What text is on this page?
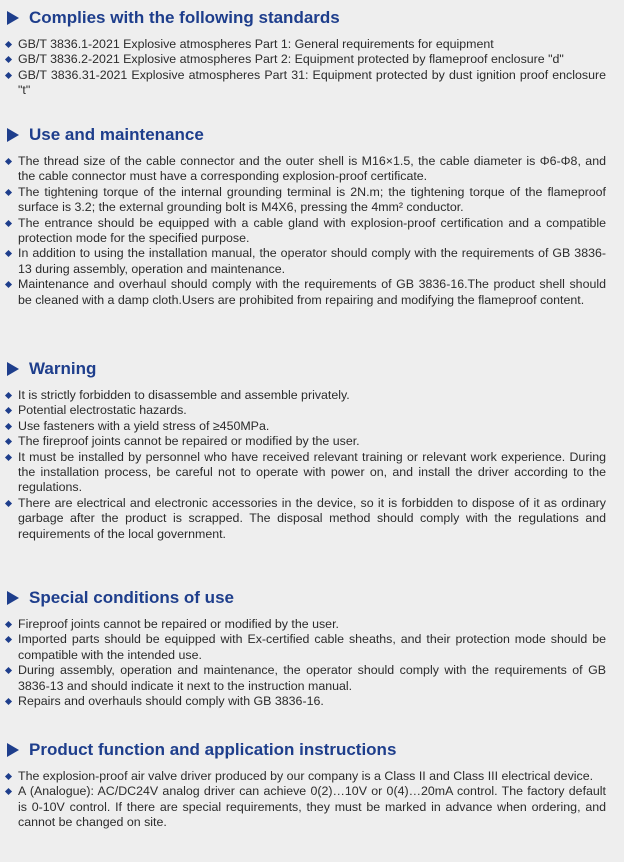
Complies with the following standards
GB/T 3836.1-2021 Explosive atmospheres Part 1: General requirements for equipment
GB/T 3836.2-2021 Explosive atmospheres Part 2: Equipment protected by flameproof enclosure "d"
GB/T 3836.31-2021 Explosive atmospheres Part 31: Equipment protected by dust ignition proof enclosure "t"
Use and maintenance
The thread size of the cable connector and the outer shell is M16×1.5, the cable diameter is Φ6-Φ8, and the cable connector must have a corresponding explosion-proof certificate.
The tightening torque of the internal grounding terminal is 2N.m; the tightening torque of the flameproof surface is 3.2; the external grounding bolt is M4X6, pressing the 4mm² conductor.
The entrance should be equipped with a cable gland with explosion-proof certification and a compatible protection mode for the specified purpose.
In addition to using the installation manual, the operator should comply with the requirements of GB 3836-13 during assembly, operation and maintenance.
Maintenance and overhaul should comply with the requirements of GB 3836-16.The product shell should be cleaned with a damp cloth.Users are prohibited from repairing and modifying the flameproof content.
Warning
It is strictly forbidden to disassemble and assemble privately.
Potential electrostatic hazards.
Use fasteners with a yield stress of ≥450MPa.
The fireproof joints cannot be repaired or modified by the user.
It must be installed by personnel who have received relevant training or relevant work experience. During the installation process, be careful not to operate with power on, and install the driver according to the regulations.
There are electrical and electronic accessories in the device, so it is forbidden to dispose of it as ordinary garbage after the product is scrapped. The disposal method should comply with the regulations and requirements of the local government.
Special conditions of use
Fireproof joints cannot be repaired or modified by the user.
Imported parts should be equipped with Ex-certified cable sheaths, and their protection mode should be compatible with the intended use.
During assembly, operation and maintenance, the operator should comply with the requirements of GB 3836-13 and should indicate it next to the instruction manual.
Repairs and overhauls should comply with GB 3836-16.
Product function and application instructions
The explosion-proof air valve driver produced by our company is a Class II and Class III electrical device.
A (Analogue): AC/DC24V analog driver can achieve 0(2)…10V or 0(4)…20mA control. The factory default is 0-10V control. If there are special requirements, they must be marked in advance when ordering, and cannot be changed on site.
